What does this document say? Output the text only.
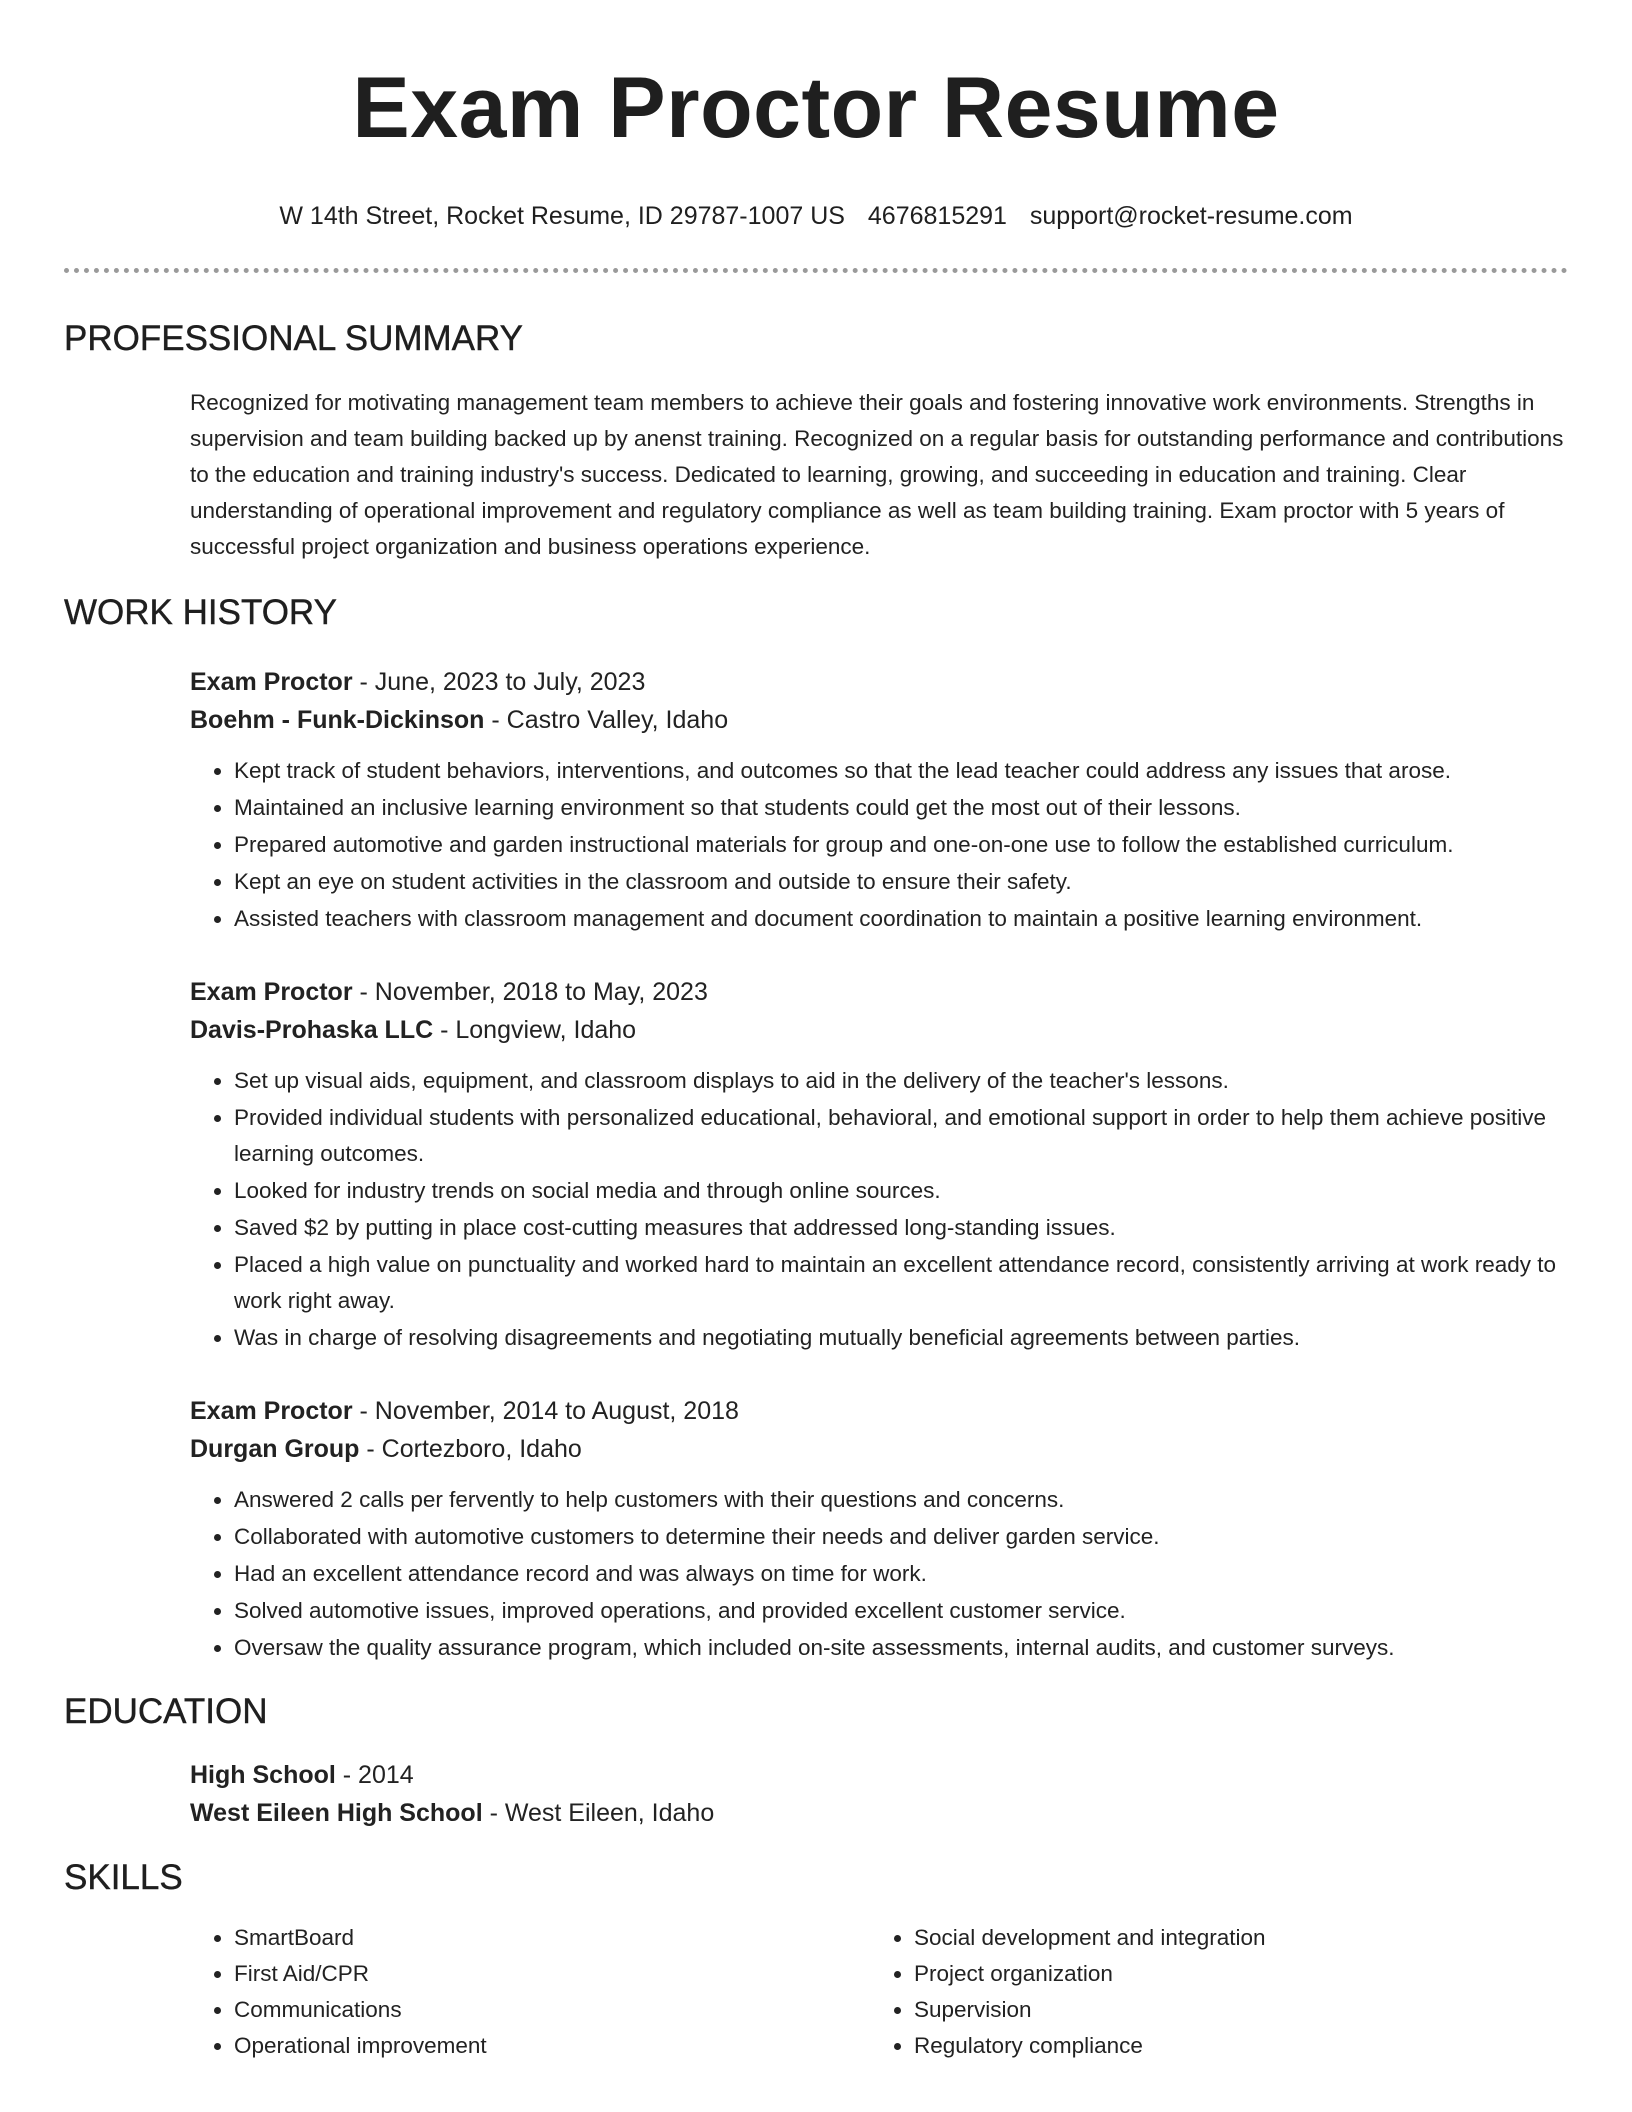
Exam Proctor Resume
W 14th Street, Rocket Resume, ID 29787-1007 US 4676815291 support@rocket-resume.com
PROFESSIONAL SUMMARY
Recognized for motivating management team members to achieve their goals and fostering innovative work environments. Strengths in supervision and team building backed up by anenst training. Recognized on a regular basis for outstanding performance and contributions to the education and training industry's success. Dedicated to learning, growing, and succeeding in education and training. Clear understanding of operational improvement and regulatory compliance as well as team building training. Exam proctor with 5 years of successful project organization and business operations experience.
WORK HISTORY
Exam Proctor - June, 2023 to July, 2023
Boehm - Funk-Dickinson - Castro Valley, Idaho
• Kept track of student behaviors, interventions, and outcomes so that the lead teacher could address any issues that arose.
• Maintained an inclusive learning environment so that students could get the most out of their lessons.
• Prepared automotive and garden instructional materials for group and one-on-one use to follow the established curriculum.
• Kept an eye on student activities in the classroom and outside to ensure their safety.
• Assisted teachers with classroom management and document coordination to maintain a positive learning environment.
Exam Proctor - November, 2018 to May, 2023
Davis-Prohaska LLC - Longview, Idaho
• Set up visual aids, equipment, and classroom displays to aid in the delivery of the teacher's lessons.
• Provided individual students with personalized educational, behavioral, and emotional support in order to help them achieve positive learning outcomes.
• Looked for industry trends on social media and through online sources.
• Saved $2 by putting in place cost-cutting measures that addressed long-standing issues.
• Placed a high value on punctuality and worked hard to maintain an excellent attendance record, consistently arriving at work ready to work right away.
• Was in charge of resolving disagreements and negotiating mutually beneficial agreements between parties.
Exam Proctor - November, 2014 to August, 2018
Durgan Group - Cortezboro, Idaho
• Answered 2 calls per fervently to help customers with their questions and concerns.
• Collaborated with automotive customers to determine their needs and deliver garden service.
• Had an excellent attendance record and was always on time for work.
• Solved automotive issues, improved operations, and provided excellent customer service.
• Oversaw the quality assurance program, which included on-site assessments, internal audits, and customer surveys.
EDUCATION
High School - 2014
West Eileen High School - West Eileen, Idaho
SKILLS
• SmartBoard
• First Aid/CPR
• Communications
• Operational improvement
• Social development and integration
• Project organization
• Supervision
• Regulatory compliance
